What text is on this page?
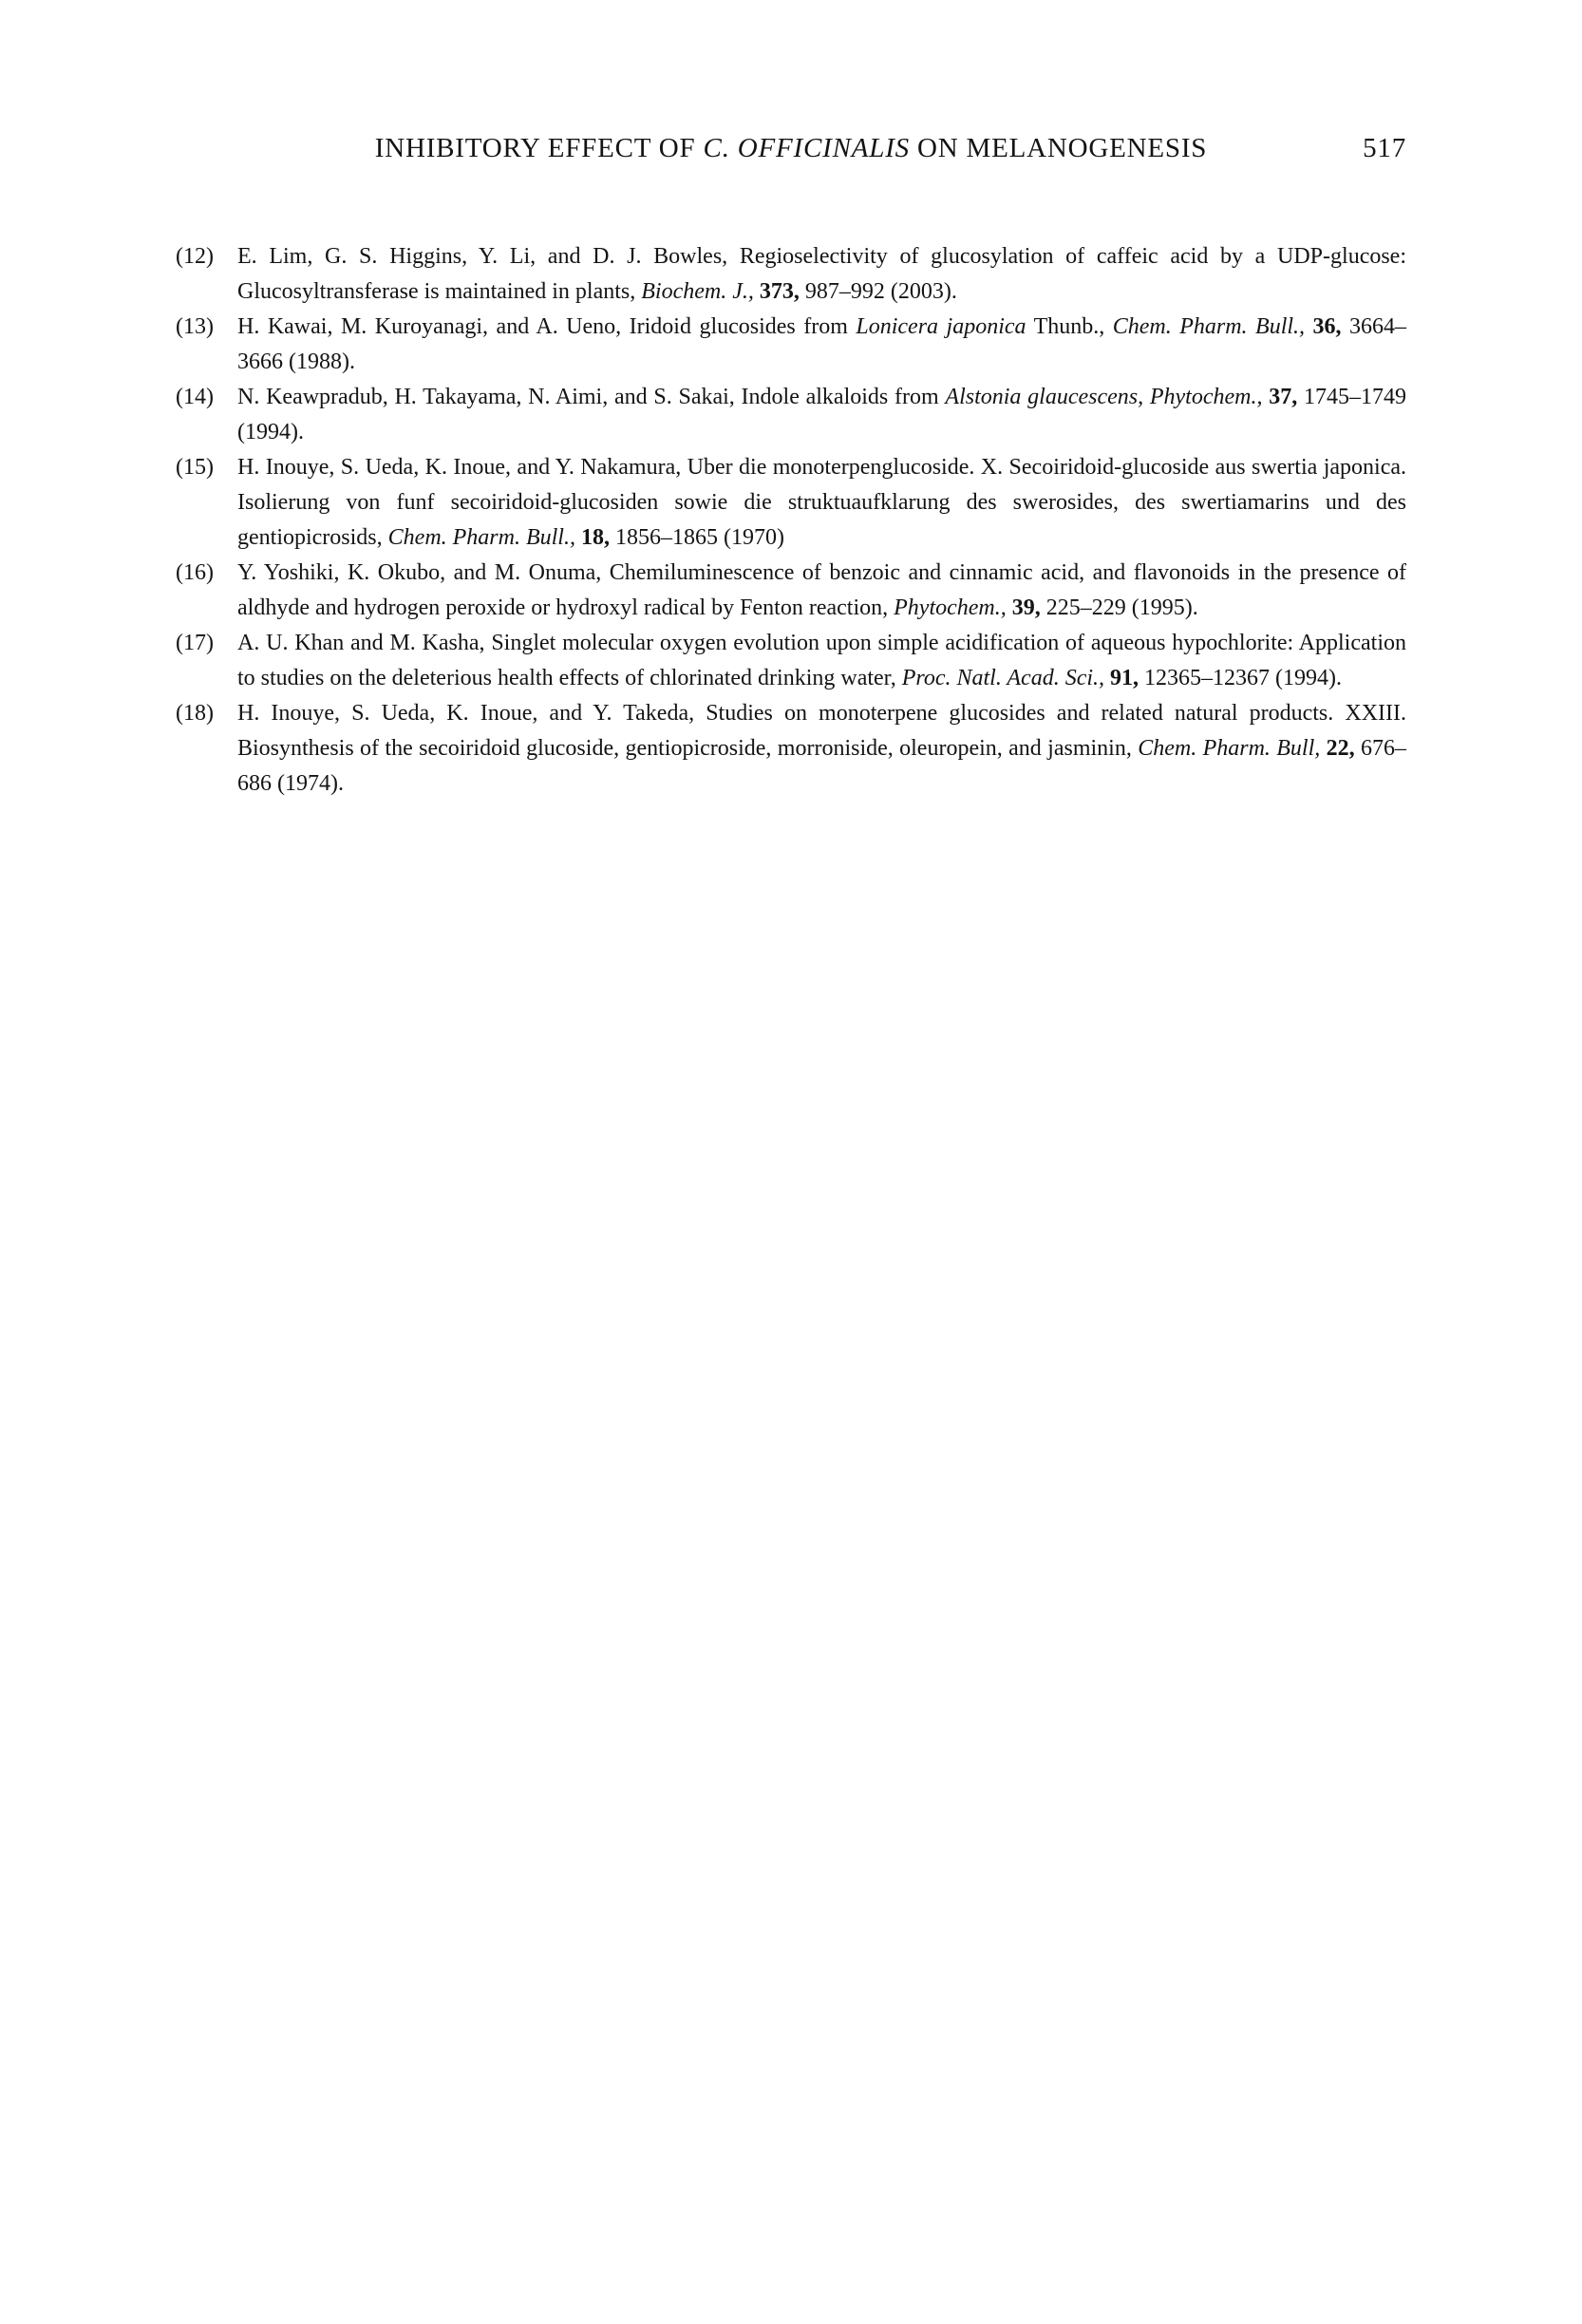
INHIBITORY EFFECT OF C. OFFICINALIS ON MELANOGENESIS	517

(12) E. Lim, G. S. Higgins, Y. Li, and D. J. Bowles, Regioselectivity of glucosylation of caffeic acid by a UDP-glucose: Glucosyltransferase is maintained in plants, Biochem. J., 373, 987–992 (2003).

(13) H. Kawai, M. Kuroyanagi, and A. Ueno, Iridoid glucosides from Lonicera japonica Thunb., Chem. Pharm. Bull., 36, 3664–3666 (1988).

(14) N. Keawpradub, H. Takayama, N. Aimi, and S. Sakai, Indole alkaloids from Alstonia glaucescens, Phytochem., 37, 1745–1749 (1994).

(15) H. Inouye, S. Ueda, K. Inoue, and Y. Nakamura, Uber die monoterpenglucoside. X. Secoiridoid-glucoside aus swertia japonica. Isolierung von funf secoiridoid-glucosiden sowie die struktuaufklarung des swerosides, des swertiamarins und des gentiopicrosids, Chem. Pharm. Bull., 18, 1856–1865 (1970)

(16) Y. Yoshiki, K. Okubo, and M. Onuma, Chemiluminescence of benzoic and cinnamic acid, and flavonoids in the presence of aldhyde and hydrogen peroxide or hydroxyl radical by Fenton reaction, Phytochem., 39, 225–229 (1995).

(17) A. U. Khan and M. Kasha, Singlet molecular oxygen evolution upon simple acidification of aqueous hypochlorite: Application to studies on the deleterious health effects of chlorinated drinking water, Proc. Natl. Acad. Sci., 91, 12365–12367 (1994).

(18) H. Inouye, S. Ueda, K. Inoue, and Y. Takeda, Studies on monoterpene glucosides and related natural products. XXIII. Biosynthesis of the secoiridoid glucoside, gentiopicroside, morroniside, oleuropein, and jasminin, Chem. Pharm. Bull, 22, 676–686 (1974).
